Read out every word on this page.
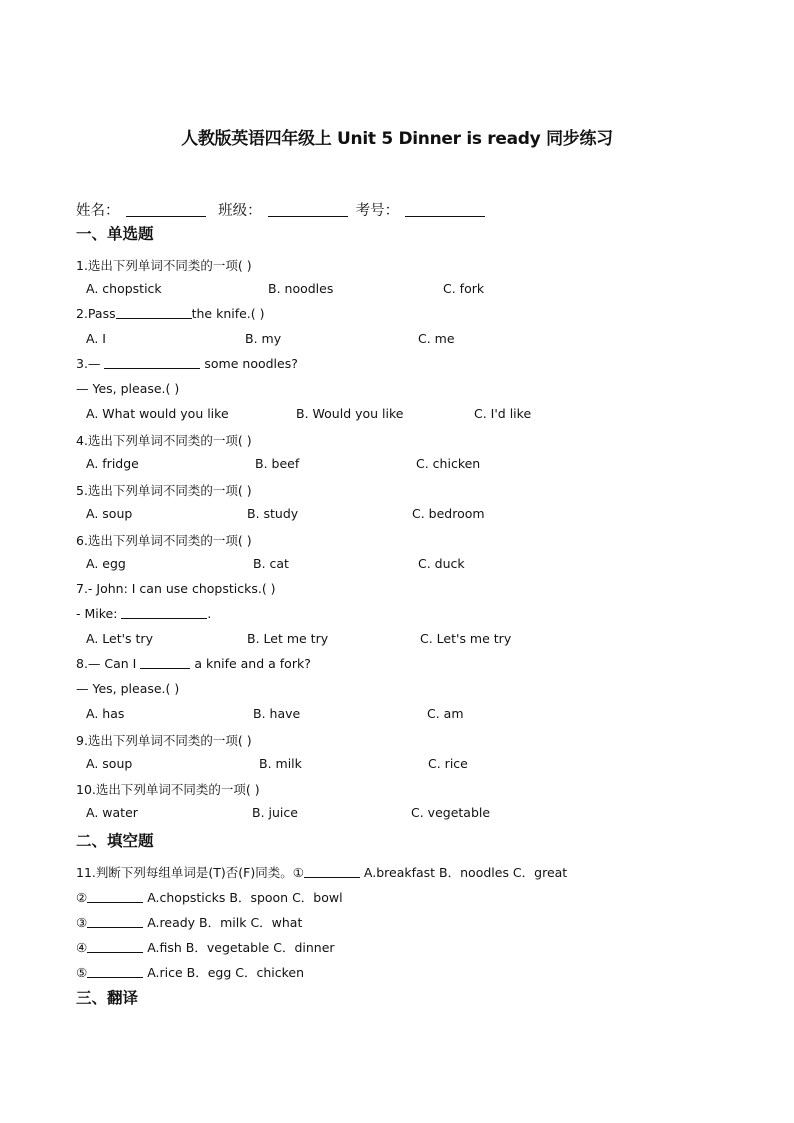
人教版英语四年级上 Unit 5 Dinner is ready 同步练习
姓名：	班级：	考号：
一、单选题
1.选出下列单词不同类的一项( )
A. chopstick	B. noodles	C. fork
2.Pass	the knife.( )
A. I	B. my	C. me
3.—	some noodles?
— Yes, please.( )
A. What would you like	B. Would you like	C. I'd like
4.选出下列单词不同类的一项( )
A. fridge	B. beef	C. chicken
5.选出下列单词不同类的一项( )
A. soup	B. study	C. bedroom
6.选出下列单词不同类的一项( )
A. egg	B. cat	C. duck
7.- John: I can use chopsticks.( )
- Mike:	.
A. Let's try	B. Let me try	C. Let's me try
8.— Can I	a knife and a fork?
— Yes, please.( )
A. has	B. have	C. am
9.选出下列单词不同类的一项( )
A. soup	B. milk	C. rice
10.选出下列单词不同类的一项( )
A. water	B. juice	C. vegetable
二、填空题
11.判断下列每组单词是(T)否(F)同类。①	A.breakfast B．noodles C．great
②	A.chopsticks B．spoon C．bowl
③	A.ready B．milk C．what
④	A.fish B．vegetable C．dinner
⑤	A.rice B．egg C．chicken
三、翻译
